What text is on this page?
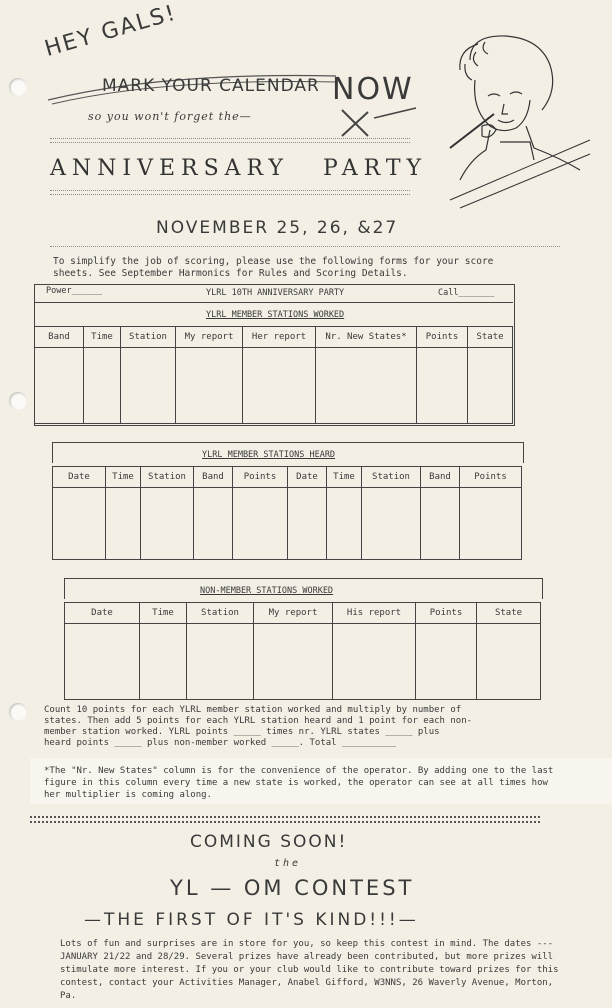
HEY GALS!
MARK YOUR CALENDAR NOW
so you won't forget the—
ANNIVERSARY PARTY
NOVEMBER 25, 26, &27
To simplify the job of scoring, please use the following forms for your score sheets. See September Harmonics for Rules and Scoring Details.
Power______	YLRL 10TH ANNIVERSARY PARTY	Call_______
YLRL MEMBER STATIONS WORKED
Band	Time	Station	My report	Her report	Nr. New States*	Points	State

YLRL MEMBER STATIONS HEARD
Date	Time	Station	Band	Points	Date	Time	Station	Band	Points

NON-MEMBER STATIONS WORKED
Date	Time	Station	My report	His report	Points	State

Count 10 points for each YLRL member station worked and multiply by number of
states. Then add 5 points for each YLRL station heard and 1 point for each non-
member station worked. YLRL points _____ times nr. YLRL states _____ plus
heard points _____ plus non-member worked _____. Total __________
*The "Nr. New States" column is for the convenience of the operator. By adding one to the last figure in this column every time a new state is worked, the operator can see at all times how her multiplier is coming along.
COMING SOON!
the
YL — OM CONTEST
—THE FIRST OF IT'S KIND!!!—
Lots of fun and surprises are in store for you, so keep this contest in mind. The dates --- JANUARY 21/22 and 28/29. Several prizes have already been contributed, but more prizes will stimulate more interest. If you or your club would like to contribute toward prizes for this contest, contact your Activities Manager, Anabel Gifford, W3NNS, 26 Waverly Avenue, Morton, Pa.
